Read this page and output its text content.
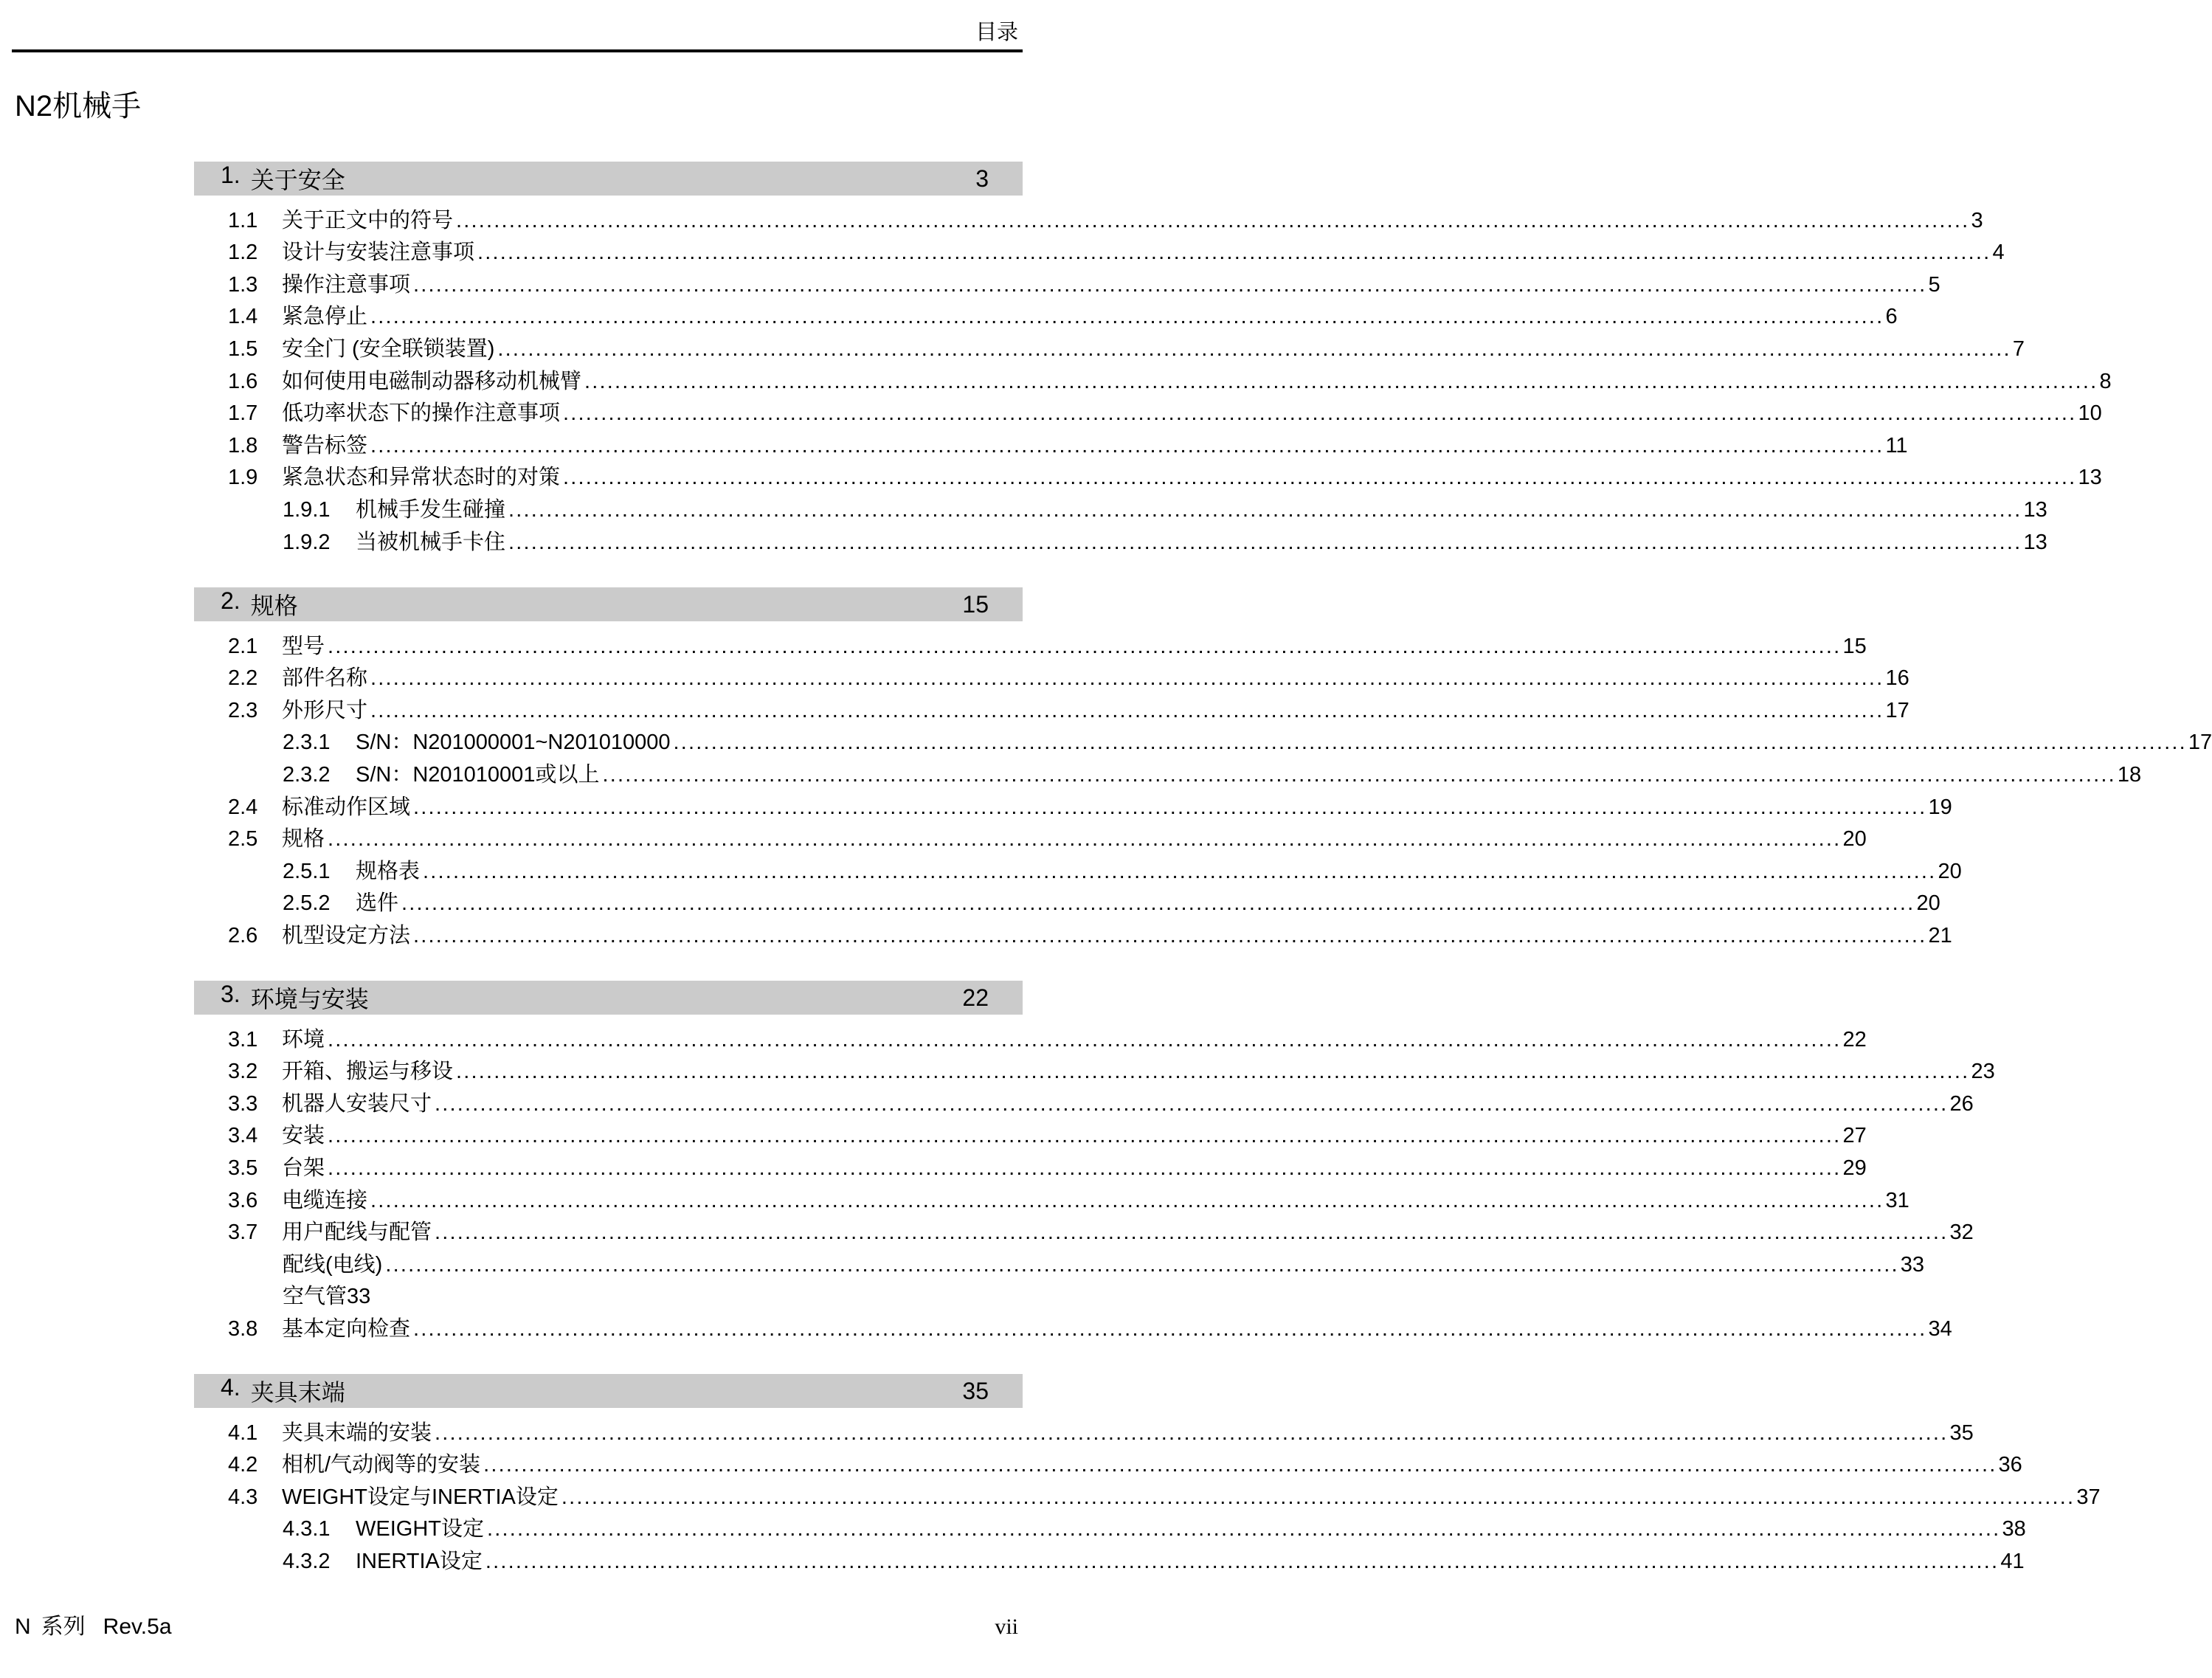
目录
N2机械手
1. 关于安全	3
1.1	关于正文中的符号 ........................................................................................................................................................................................................ 3
1.2	设计与安装注意事项 ........................................................................................................................................................................................................ 4
1.3	操作注意事项 ........................................................................................................................................................................................................ 5
1.4	紧急停止 ........................................................................................................................................................................................................ 6
1.5	安全门 (安全联锁装置) ........................................................................................................................................................................................................ 7
1.6	如何使用电磁制动器移动机械臂 ........................................................................................................................................................................................................ 8
1.7	低功率状态下的操作注意事项 ........................................................................................................................................................................................................ 10
1.8	警告标签 ........................................................................................................................................................................................................ 11
1.9	紧急状态和异常状态时的对策 ........................................................................................................................................................................................................ 13
1.9.1	机械手发生碰撞 ........................................................................................................................................................................................................ 13
1.9.2	当被机械手卡住 ........................................................................................................................................................................................................ 13
2. 规格	15
2.1	型号 ........................................................................................................................................................................................................ 15
2.2	部件名称 ........................................................................................................................................................................................................ 16
2.3	外形尺寸 ........................................................................................................................................................................................................ 17
2.3.1	S/N：N201000001~N201010000 ........................................................................................................................................................................................................ 17
2.3.2	S/N：N201010001或以上 ........................................................................................................................................................................................................ 18
2.4	标准动作区域 ........................................................................................................................................................................................................ 19
2.5	规格 ........................................................................................................................................................................................................ 20
2.5.1	规格表 ........................................................................................................................................................................................................ 20
2.5.2	选件 ........................................................................................................................................................................................................ 20
2.6	机型设定方法 ........................................................................................................................................................................................................ 21
3. 环境与安装	22
3.1	环境 ........................................................................................................................................................................................................ 22
3.2	开箱、搬运与移设 ........................................................................................................................................................................................................ 23
3.3	机器人安装尺寸 ........................................................................................................................................................................................................ 26
3.4	安装 ........................................................................................................................................................................................................ 27
3.5	台架 ........................................................................................................................................................................................................ 29
3.6	电缆连接 ........................................................................................................................................................................................................ 31
3.7	用户配线与配管 ........................................................................................................................................................................................................ 32
配线(电线) ........................................................................................................................................................................................................ 33
空气管33
3.8	基本定向检查 ........................................................................................................................................................................................................ 34
4. 夹具末端	35
4.1	夹具末端的安装 ........................................................................................................................................................................................................ 35
4.2	相机/气动阀等的安装 ........................................................................................................................................................................................................ 36
4.3	WEIGHT设定与INERTIA设定 ........................................................................................................................................................................................................ 37
4.3.1	WEIGHT设定 ........................................................................................................................................................................................................ 38
4.3.2	INERTIA设定 ........................................................................................................................................................................................................ 41
N 系列 Rev.5a	vii
